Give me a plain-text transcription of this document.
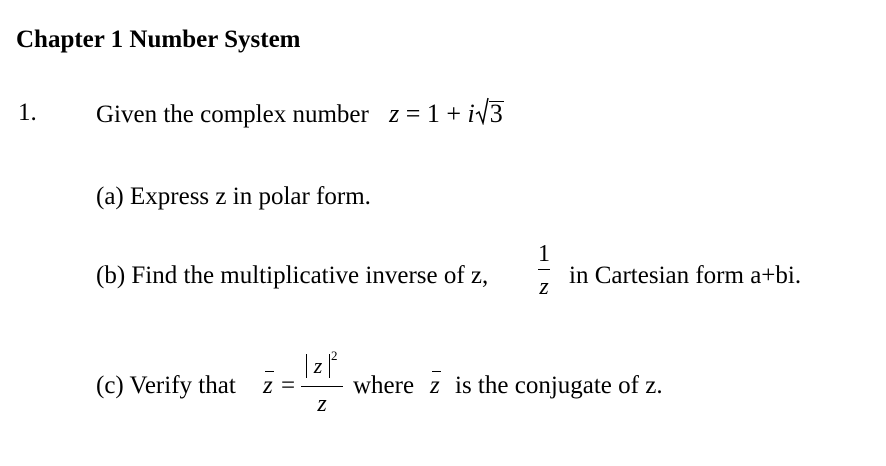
Chapter 1 Number System
1. Given the complex number z = 1 + i 3
(a) Express z in polar form.
(b) Find the multiplicative inverse of z,
1
z in Cartesian form a+bi.
(c) Verify that z =
z 2
z
where z is the conjugate of z.
